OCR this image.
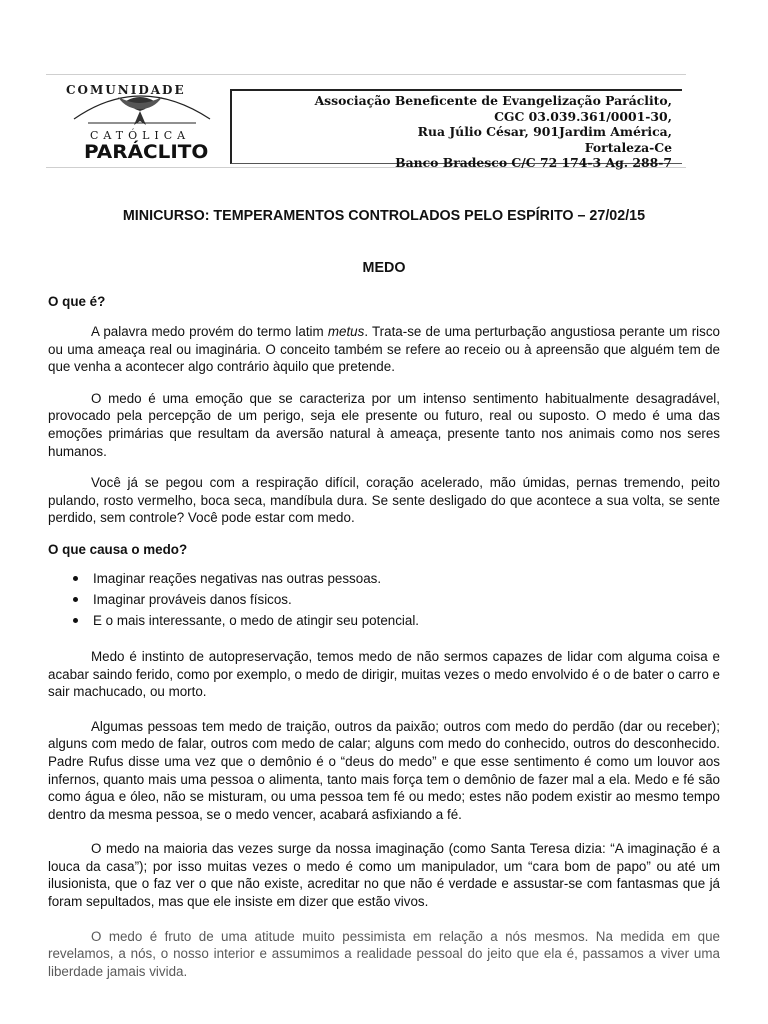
COMUNIDADE
CATÓLICA
PARÁCLITO
Associação Beneficente de Evangelização Paráclito,
CGC 03.039.361/0001-30,
Rua Júlio César, 901Jardim América,
Fortaleza-Ce
Banco Bradesco C/C 72 174-3 Ag. 288-7
MINICURSO: TEMPERAMENTOS CONTROLADOS PELO ESPÍRITO – 27/02/15
MEDO
O que é?

A palavra medo provém do termo latim metus. Trata-se de uma perturbação angustiosa perante um risco ou uma ameaça real ou imaginária. O conceito também se refere ao receio ou à apreensão que alguém tem de que venha a acontecer algo contrário àquilo que pretende.

O medo é uma emoção que se caracteriza por um intenso sentimento habitualmente desagradável, provocado pela percepção de um perigo, seja ele presente ou futuro, real ou suposto. O medo é uma das emoções primárias que resultam da aversão natural à ameaça, presente tanto nos animais como nos seres humanos.

Você já se pegou com a respiração difícil, coração acelerado, mão úmidas, pernas tremendo, peito pulando, rosto vermelho, boca seca, mandíbula dura. Se sente desligado do que acontece a sua volta, se sente perdido, sem controle? Você pode estar com medo.

O que causa o medo?
Imaginar reações negativas nas outras pessoas.
Imaginar prováveis danos físicos.
E o mais interessante, o medo de atingir seu potencial.

Medo é instinto de autopreservação, temos medo de não sermos capazes de lidar com alguma coisa e acabar saindo ferido, como por exemplo, o medo de dirigir, muitas vezes o medo envolvido é o de bater o carro e sair machucado, ou morto.

Algumas pessoas tem medo de traição, outros da paixão; outros com medo do perdão (dar ou receber); alguns com medo de falar, outros com medo de calar; alguns com medo do conhecido, outros do desconhecido. Padre Rufus disse uma vez que o demônio é o “deus do medo” e que esse sentimento é como um louvor aos infernos, quanto mais uma pessoa o alimenta, tanto mais força tem o demônio de fazer mal a ela. Medo e fé são como água e óleo, não se misturam, ou uma pessoa tem fé ou medo; estes não podem existir ao mesmo tempo dentro da mesma pessoa, se o medo vencer, acabará asfixiando a fé.

O medo na maioria das vezes surge da nossa imaginação (como Santa Teresa dizia: “A imaginação é a louca da casa”); por isso muitas vezes o medo é como um manipulador, um “cara bom de papo” ou até um ilusionista, que o faz ver o que não existe, acreditar no que não é verdade e assustar-se com fantasmas que já foram sepultados, mas que ele insiste em dizer que estão vivos.

O medo é fruto de uma atitude muito pessimista em relação a nós mesmos. Na medida em que revelamos, a nós, o nosso interior e assumimos a realidade pessoal do jeito que ela é, passamos a viver uma liberdade jamais vivida.
